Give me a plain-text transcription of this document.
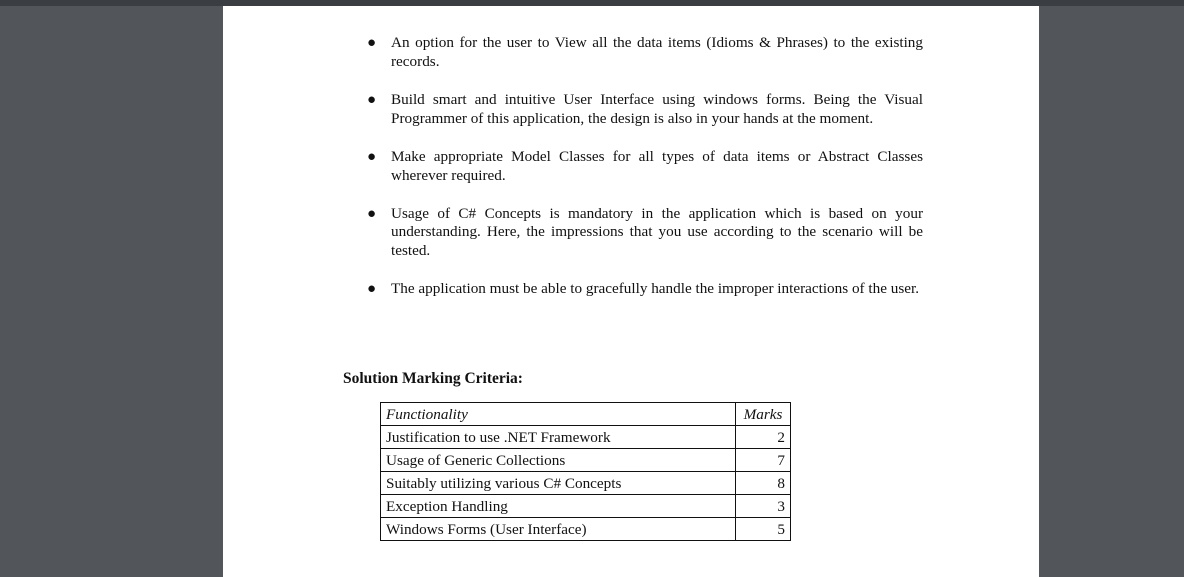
● An option for the user to View all the data items (Idioms & Phrases) to the existing records.
● Build smart and intuitive User Interface using windows forms. Being the Visual Programmer of this application, the design is also in your hands at the moment.
● Make appropriate Model Classes for all types of data items or Abstract Classes wherever required.
● Usage of C# Concepts is mandatory in the application which is based on your understanding. Here, the impressions that you use according to the scenario will be tested.
● The application must be able to gracefully handle the improper interactions of the user.
Solution Marking Criteria:
Functionality	Marks
Justification to use .NET Framework	2
Usage of Generic Collections	7
Suitably utilizing various C# Concepts	8
Exception Handling	3
Windows Forms (User Interface)	5
